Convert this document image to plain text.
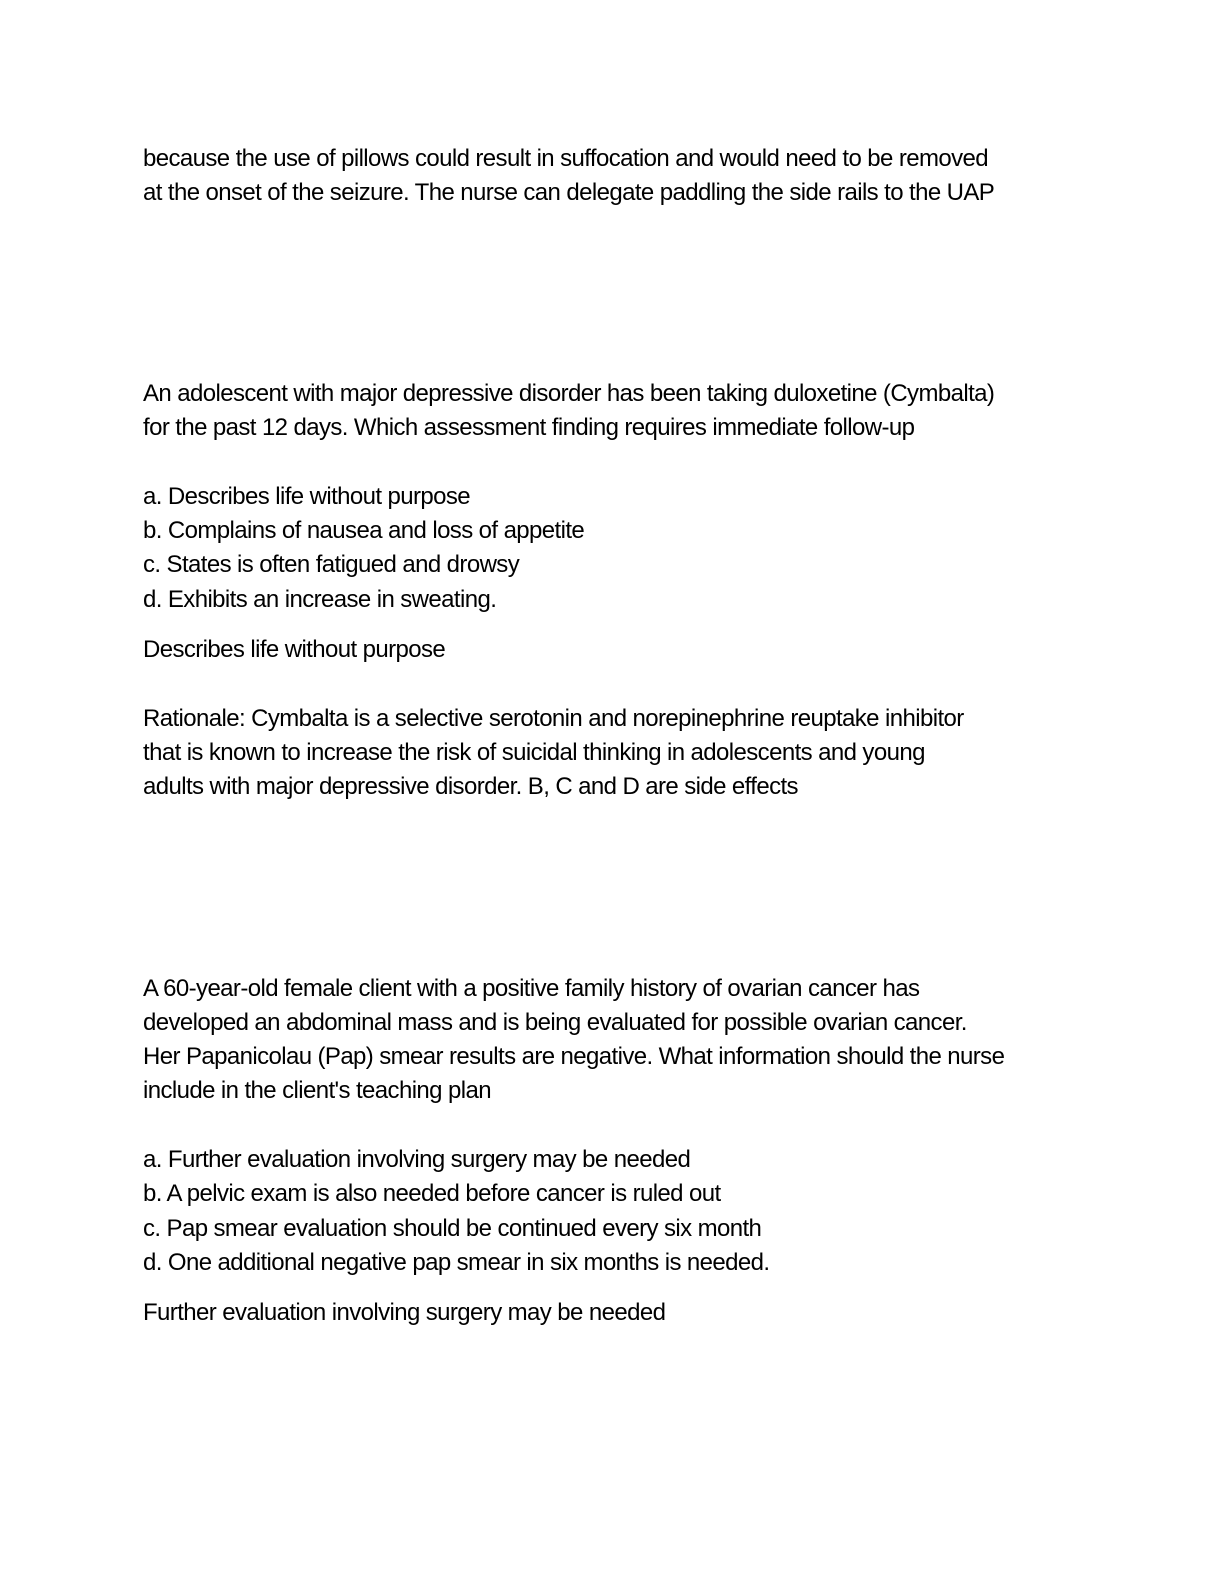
because the use of pillows could result in suffocation and would need to be removed
at the onset of the seizure. The nurse can delegate paddling the side rails to the UAP
An adolescent with major depressive disorder has been taking duloxetine (Cymbalta)
for the past 12 days. Which assessment finding requires immediate follow-up
a. Describes life without purpose
b. Complains of nausea and loss of appetite
c. States is often fatigued and drowsy
d. Exhibits an increase in sweating.
Describes life without purpose
Rationale: Cymbalta is a selective serotonin and norepinephrine reuptake inhibitor
that is known to increase the risk of suicidal thinking in adolescents and young
adults with major depressive disorder. B, C and D are side effects
A 60-year-old female client with a positive family history of ovarian cancer has
developed an abdominal mass and is being evaluated for possible ovarian cancer.
Her Papanicolau (Pap) smear results are negative. What information should the nurse
include in the client's teaching plan
a. Further evaluation involving surgery may be needed
b. A pelvic exam is also needed before cancer is ruled out
c. Pap smear evaluation should be continued every six month
d. One additional negative pap smear in six months is needed.
Further evaluation involving surgery may be needed
